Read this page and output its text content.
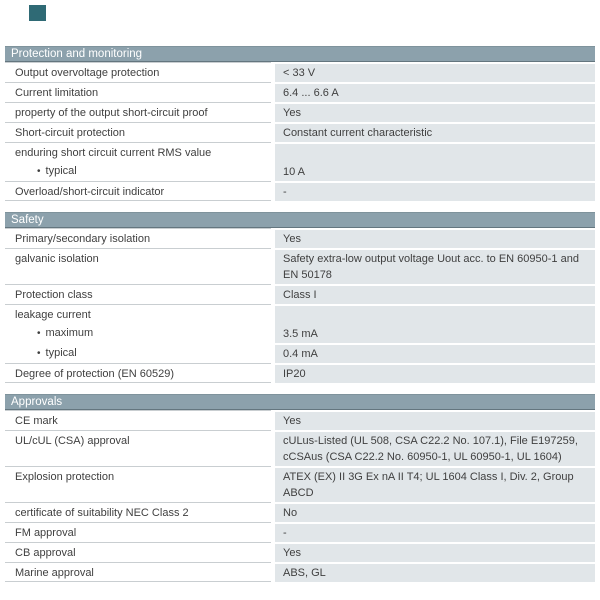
Protection and monitoring
Output overvoltage protection	< 33 V
Current limitation	6.4 ... 6.6 A
property of the output short-circuit proof	Yes
Short-circuit protection	Constant current characteristic
enduring short circuit current RMS value
• typical	10 A
Overload/short-circuit indicator	-
Safety
Primary/secondary isolation	Yes
galvanic isolation	Safety extra-low output voltage Uout acc. to EN 60950-1 and EN 50178
Protection class	Class I
leakage current
• maximum	3.5 mA
• typical	0.4 mA
Degree of protection (EN 60529)	IP20
Approvals
CE mark	Yes
UL/cUL (CSA) approval	cULus-Listed (UL 508, CSA C22.2 No. 107.1), File E197259, cCSAus (CSA C22.2 No. 60950-1, UL 60950-1, UL 1604)
Explosion protection	ATEX (EX) II 3G Ex nA II T4; UL 1604 Class I, Div. 2, Group ABCD
certificate of suitability NEC Class 2	No
FM approval	-
CB approval	Yes
Marine approval	ABS, GL
